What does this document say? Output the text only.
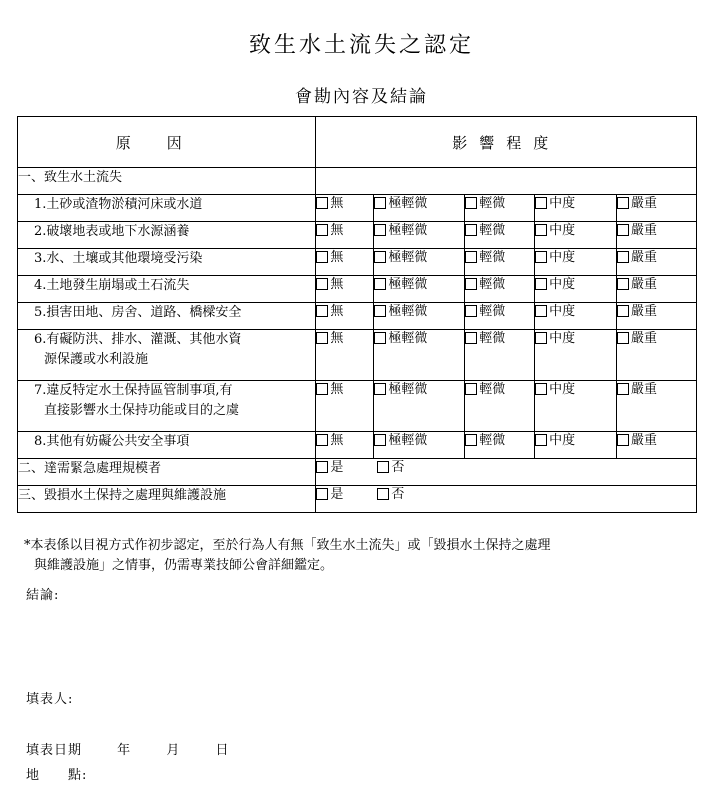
致生水土流失之認定
會勘內容及結論
原因	影響程度				
一、致生水土流失					
1.土砂或渣物淤積河床或水道	無	極輕微	輕微	中度	嚴重
2.破壞地表或地下水源涵養	無	極輕微	輕微	中度	嚴重
3.水、土壤或其他環境受污染	無	極輕微	輕微	中度	嚴重
4.土地發生崩塌或土石流失	無	極輕微	輕微	中度	嚴重
5.損害田地、房舍、道路、橋樑安全	無	極輕微	輕微	中度	嚴重
6.有礙防洪、排水、灌溉、其他水資
源保護或水利設施	無	極輕微	輕微	中度	嚴重
7.違反特定水土保持區管制事項,有
直接影響水土保持功能或目的之虞	無	極輕微	輕微	中度	嚴重
8.其他有妨礙公共安全事項	無	極輕微	輕微	中度	嚴重
二、達需緊急處理規模者	是 否				
三、毀損水土保持之處理與維護設施	是 否				
*本表係以目視方式作初步認定，至於行為人有無「致生水土流失」或「毀損水土保持之處理
與維護設施」之情事，仍需專業技師公會詳細鑑定。
結論:
填表人:
填表日期	年	月	日
地　　點:
